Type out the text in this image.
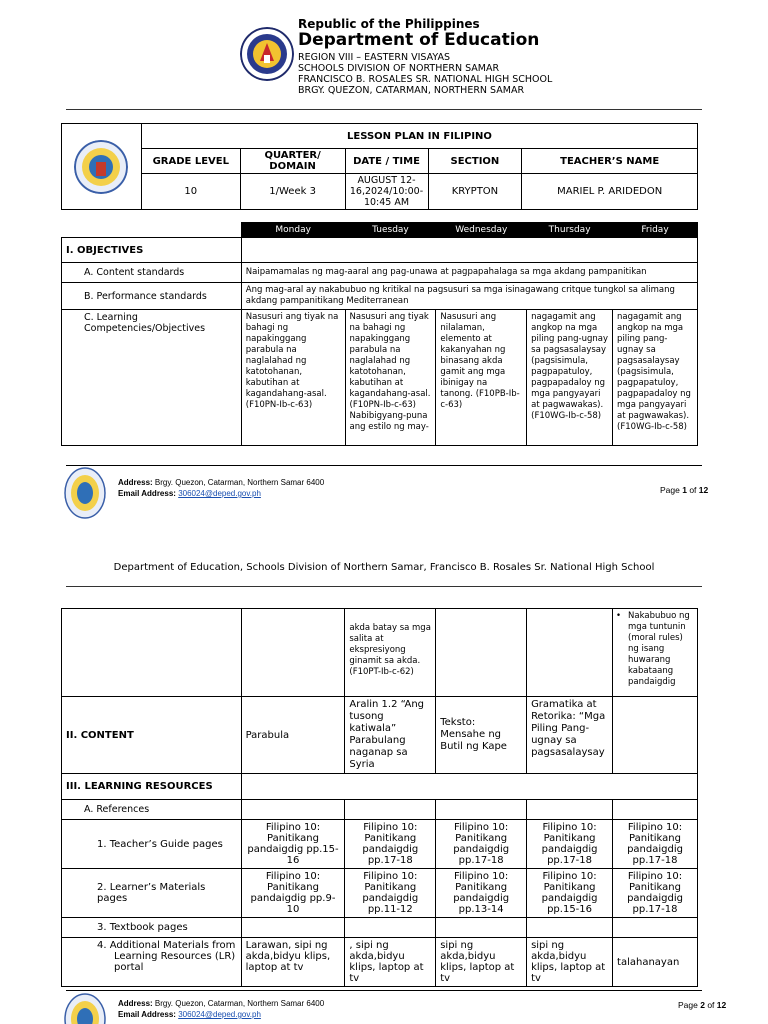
Republic of the Philippines
Department of Education
REGION VIII – EASTERN VISAYAS
SCHOOLS DIVISION OF NORTHERN SAMAR
FRANCISCO B. ROSALES SR. NATIONAL HIGH SCHOOL
BRGY. QUEZON, CATARMAN, NORTHERN SAMAR
	LESSON PLAN IN FILIPINO				
	GRADE LEVEL	QUARTER/ DOMAIN	DATE / TIME	SECTION	TEACHER’S NAME
	10	1/Week 3	AUGUST 12-16,2024/10:00-10:45 AM	KRYPTON	MARIEL P. ARIDEDON
	Monday	Tuesday	Wednesday	Thursday	Friday
I. OBJECTIVES					
A. Content standards	Naipamamalas ng mag-aaral ang pag-unawa at pagpapahalaga sa mga akdang pampanitikan				
B. Performance standards	Ang mag-aral ay nakabubuo ng kritikal na pagsusuri sa mga isinagawang critque tungkol sa alimang akdang pampanitikang Mediterranean				
C. Learning Competencies/Objectives	Nasusuri ang tiyak na bahagi ng napakinggang parabula na naglalahad ng katotohanan, kabutihan at kagandahang-asal. (F10PN-Ib-c-63)	Nasusuri ang tiyak na bahagi ng napakinggang parabula na naglalahad ng katotohanan, kabutihan at kagandahang-asal. (F10PN-Ib-c-63) Nabibigyang-puna ang estilo ng may-	Nasusuri ang nilalaman, elemento at kakanyahan ng binasang akda gamit ang mga ibinigay na tanong. (F10PB-Ib-c-63)	nagagamit ang angkop na mga piling pang-ugnay sa pagsasalaysay (pagsisimula, pagpapatuloy, pagpapadaloy ng mga pangyayari at pagwawakas). (F10WG-Ib-c-58)	nagagamit ang angkop na mga piling pang-ugnay sa pagsasalaysay (pagsisimula, pagpapatuloy, pagpapadaloy ng mga pangyayari at pagwawakas). (F10WG-Ib-c-58)
Address: Brgy. Quezon, Catarman, Northern Samar 6400
Email Address: 306024@deped.gov.ph	Page 1 of 12
Department of Education, Schools Division of Northern Samar, Francisco B. Rosales Sr. National High School
		akda batay sa mga salita at ekspresiyong ginamit sa akda. (F10PT-Ib-c-62)			• Nakabubuo ng mga tuntunin (moral rules) ng isang huwarang kabataang pandaigdig

II. CONTENT	Parabula	Aralin 1.2 “Ang tusong katiwala” Parabulang naganap sa Syria	Teksto: Mensahe ng Butil ng Kape	Gramatika at Retorika: “Mga Piling Pang-ugnay sa pagsasalaysay	
III. LEARNING RESOURCES					
A. References					
1. Teacher’s Guide pages	Filipino 10: Panitikang pandaigdig pp.15-16	Filipino 10: Panitikang pandaigdig pp.17-18	Filipino 10: Panitikang pandaigdig pp.17-18	Filipino 10: Panitikang pandaigdig pp.17-18	Filipino 10: Panitikang pandaigdig pp.17-18
2. Learner’s Materials pages	Filipino 10: Panitikang pandaigdig pp.9-10	Filipino 10: Panitikang pandaigdig pp.11-12	Filipino 10: Panitikang pandaigdig pp.13-14	Filipino 10: Panitikang pandaigdig pp.15-16	Filipino 10: Panitikang pandaigdig pp.17-18
3. Textbook pages					
4. Additional Materials from Learning Resources (LR) portal	Larawan, sipi ng akda,bidyu klips, laptop at tv	, sipi ng akda,bidyu klips, laptop at tv	sipi ng akda,bidyu klips, laptop at tv	sipi ng akda,bidyu klips, laptop at tv	talahanayan
Address: Brgy. Quezon, Catarman, Northern Samar 6400
Email Address: 306024@deped.gov.ph
Page 2 of 12
